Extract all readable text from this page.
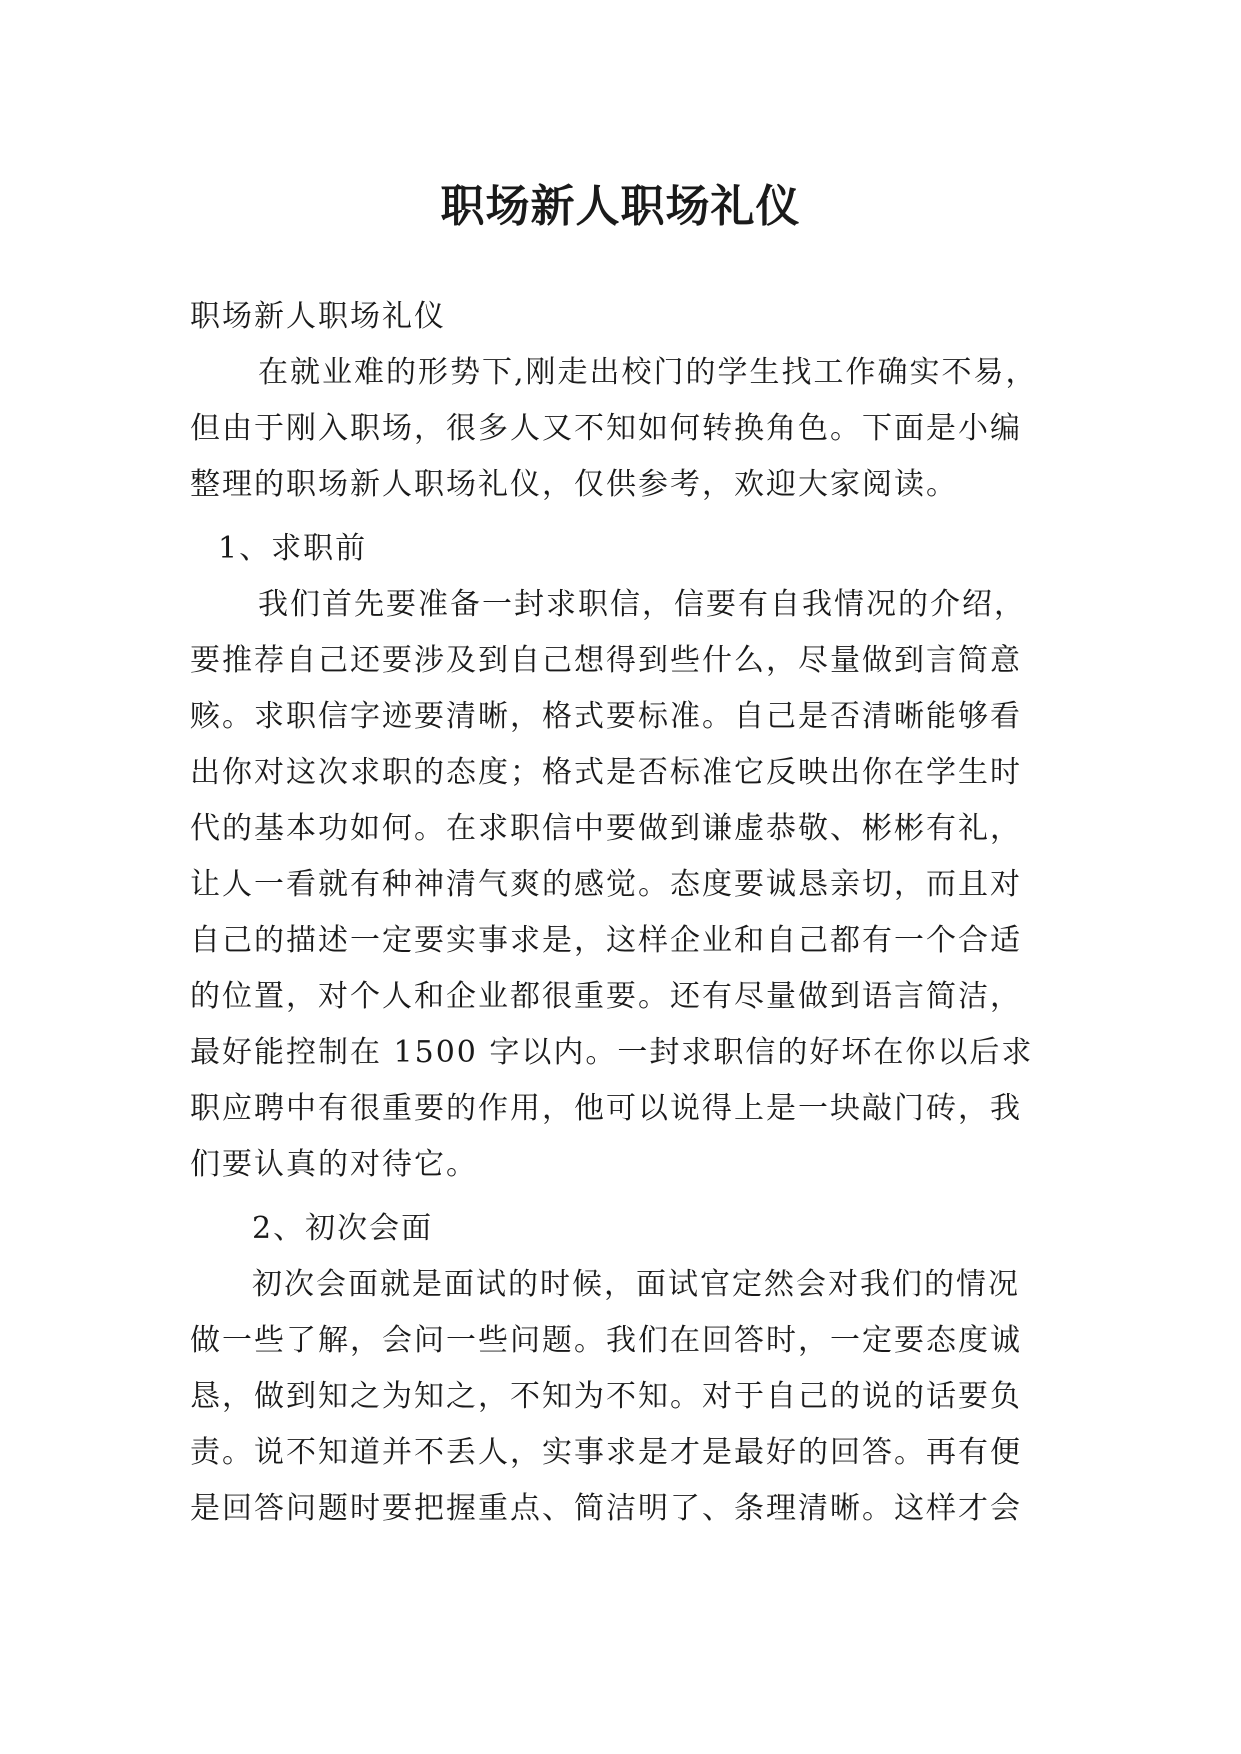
职场新人职场礼仪
职场新人职场礼仪
在就业难的形势下,刚走出校门的学生找工作确实不易，
但由于刚入职场，很多人又不知如何转换角色。下面是小编
整理的职场新人职场礼仪，仅供参考，欢迎大家阅读。
1、求职前
我们首先要准备一封求职信，信要有自我情况的介绍，
要推荐自己还要涉及到自己想得到些什么，尽量做到言简意
赅。求职信字迹要清晰，格式要标准。自己是否清晰能够看
出你对这次求职的态度；格式是否标准它反映出你在学生时
代的基本功如何。在求职信中要做到谦虚恭敬、彬彬有礼，
让人一看就有种神清气爽的感觉。态度要诚恳亲切，而且对
自己的描述一定要实事求是，这样企业和自己都有一个合适
的位置，对个人和企业都很重要。还有尽量做到语言简洁，
最好能控制在 1500 字以内。一封求职信的好坏在你以后求
职应聘中有很重要的作用，他可以说得上是一块敲门砖，我
们要认真的对待它。
2、初次会面
初次会面就是面试的时候，面试官定然会对我们的情况
做一些了解，会问一些问题。我们在回答时，一定要态度诚
恳，做到知之为知之，不知为不知。对于自己的说的话要负
责。说不知道并不丢人，实事求是才是最好的回答。再有便
是回答问题时要把握重点、简洁明了、条理清晰。这样才会
